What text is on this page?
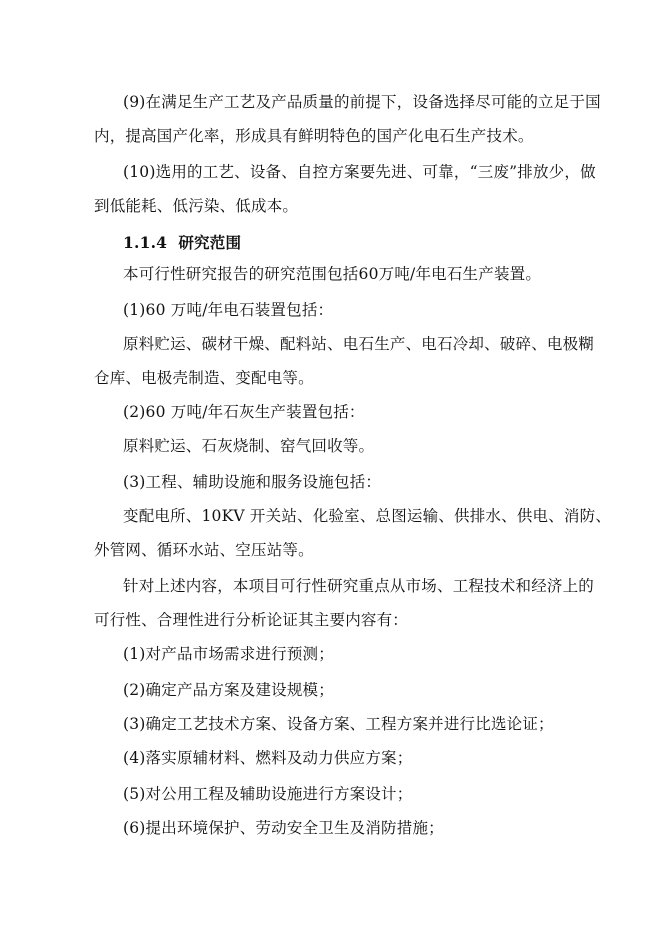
(9)在满足生产工艺及产品质量的前提下，设备选择尽可能的立足于国
内，提高国产化率，形成具有鲜明特色的国产化电石生产技术。
(10)选用的工艺、设备、自控方案要先进、可靠，“三废”排放少，做
到低能耗、低污染、低成本。
1.1.4 研究范围
本可行性研究报告的研究范围包括60万吨/年电石生产装置。
(1)60 万吨/年电石装置包括：
原料贮运、碳材干燥、配料站、电石生产、电石冷却、破碎、电极糊
仓库、电极壳制造、变配电等。
(2)60 万吨/年石灰生产装置包括：
原料贮运、石灰烧制、窑气回收等。
(3)工程、辅助设施和服务设施包括：
变配电所、10KV 开关站、化验室、总图运输、供排水、供电、消防、
外管网、循环水站、空压站等。
针对上述内容，本项目可行性研究重点从市场、工程技术和经济上的
可行性、合理性进行分析论证其主要内容有：
(1)对产品市场需求进行预测；
(2)确定产品方案及建设规模；
(3)确定工艺技术方案、设备方案、工程方案并进行比选论证；
(4)落实原辅材料、燃料及动力供应方案；
(5)对公用工程及辅助设施进行方案设计；
(6)提出环境保护、劳动安全卫生及消防措施；
